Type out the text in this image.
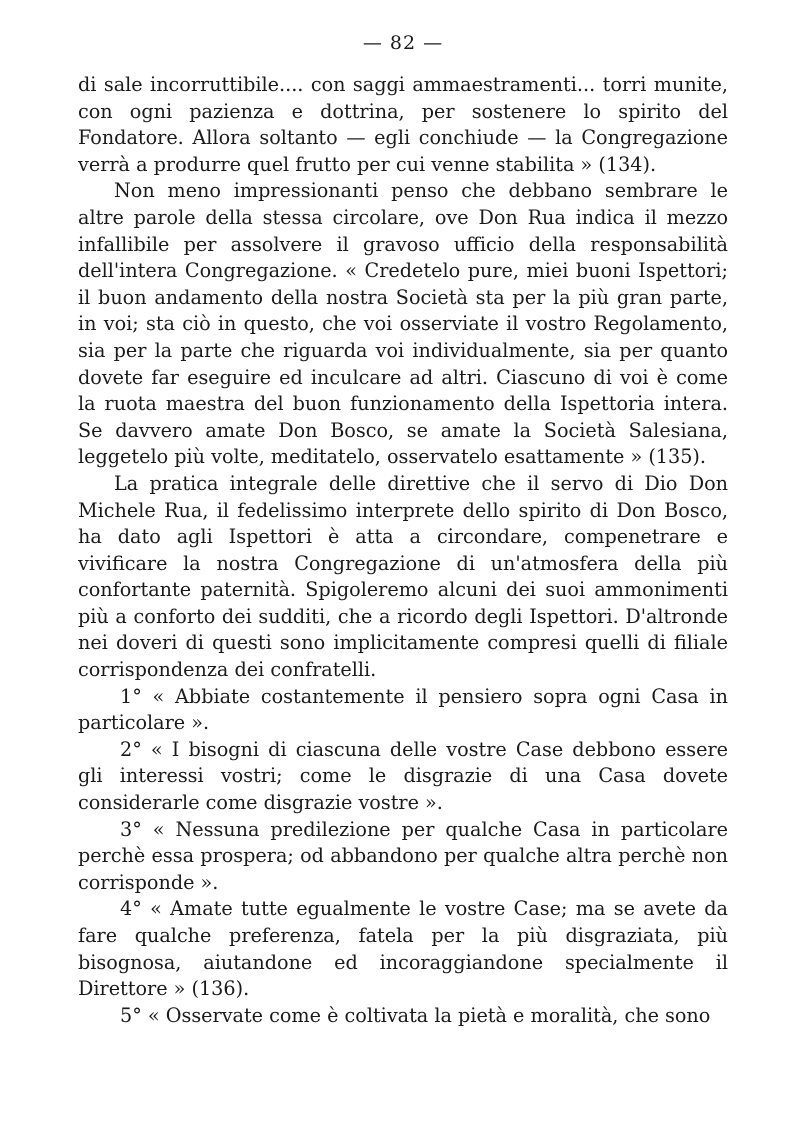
— 82 —

di sale incorruttibile.... con saggi ammaestramenti... torri munite, con ogni pazienza e dottrina, per sostenere lo spirito del Fondatore. Allora soltanto — egli conchiude — la Congregazione verrà a produrre quel frutto per cui venne stabilita » (134).

Non meno impressionanti penso che debbano sembrare le altre parole della stessa circolare, ove Don Rua indica il mezzo infallibile per assolvere il gravoso ufficio della responsabilità dell'intera Congregazione. « Credetelo pure, miei buoni Ispettori; il buon andamento della nostra Società sta per la più gran parte, in voi; sta ciò in questo, che voi osserviate il vostro Regolamento, sia per la parte che riguarda voi individualmente, sia per quanto dovete far eseguire ed inculcare ad altri. Ciascuno di voi è come la ruota maestra del buon funzionamento della Ispettoria intera. Se davvero amate Don Bosco, se amate la Società Salesiana, leggetelo più volte, meditatelo, osservatelo esattamente » (135).

La pratica integrale delle direttive che il servo di Dio Don Michele Rua, il fedelissimo interprete dello spirito di Don Bosco, ha dato agli Ispettori è atta a circondare, compenetrare e vivificare la nostra Congregazione di un'atmosfera della più confortante paternità. Spigoleremo alcuni dei suoi ammonimenti più a conforto dei sudditi, che a ricordo degli Ispettori. D'altronde nei doveri di questi sono implicitamente compresi quelli di filiale corrispondenza dei confratelli.

1° « Abbiate costantemente il pensiero sopra ogni Casa in particolare ».

2° « I bisogni di ciascuna delle vostre Case debbono essere gli interessi vostri; come le disgrazie di una Casa dovete considerarle come disgrazie vostre ».

3° « Nessuna predilezione per qualche Casa in particolare perchè essa prospera; od abbandono per qualche altra perchè non corrisponde ».

4° « Amate tutte egualmente le vostre Case; ma se avete da fare qualche preferenza, fatela per la più disgraziata, più bisognosa, aiutandone ed incoraggiandone specialmente il Direttore » (136).

5° « Osservate come è coltivata la pietà e moralità, che sono
